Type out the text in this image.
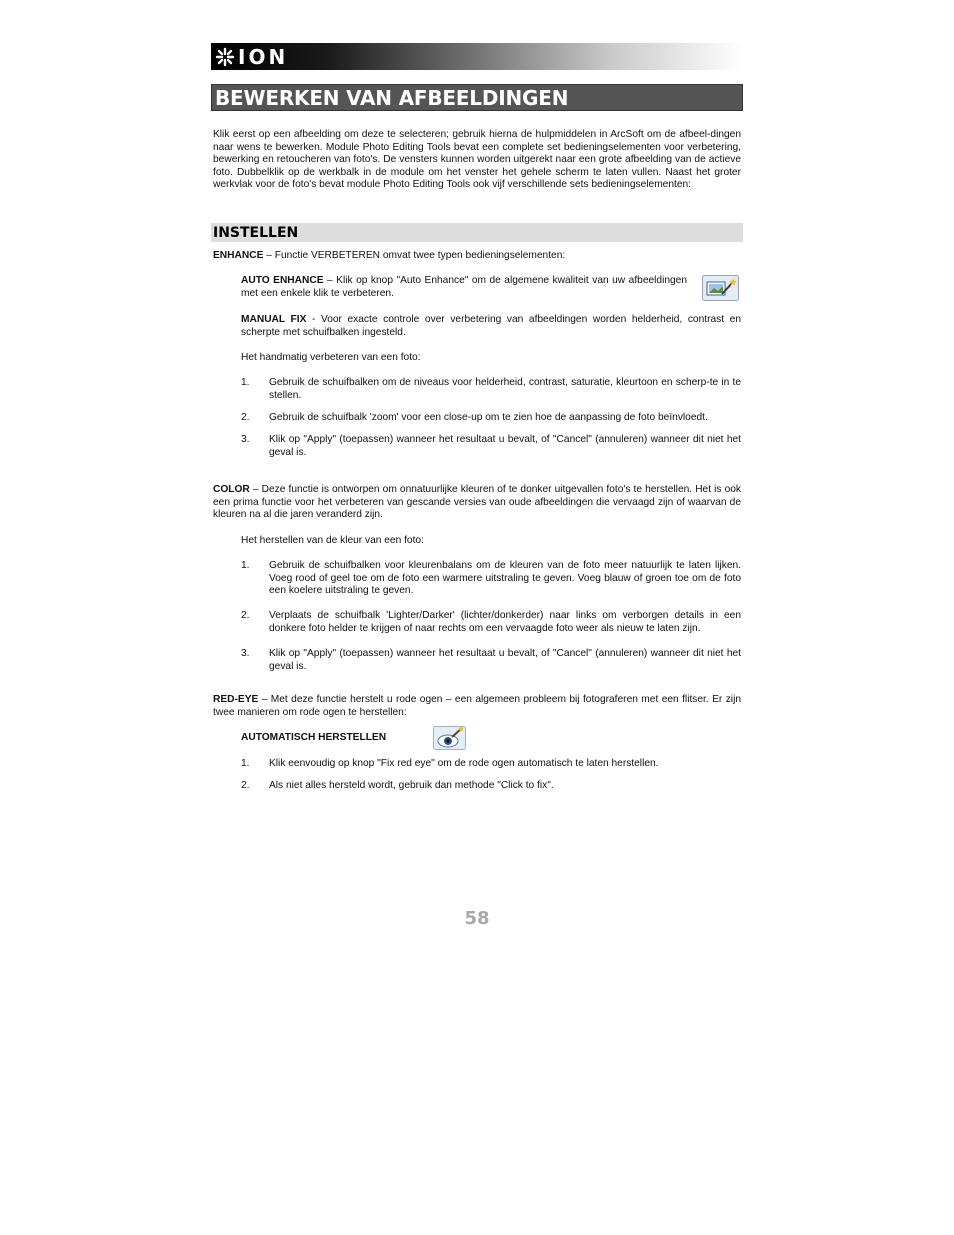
ION
BEWERKEN VAN AFBEELDINGEN
Klik eerst op een afbeelding om deze te selecteren; gebruik hierna de hulpmiddelen in ArcSoft om de afbeel-dingen naar wens te bewerken. Module Photo Editing Tools bevat een complete set bedieningselementen voor verbetering, bewerking en retoucheren van foto's. De vensters kunnen worden uitgerekt naar een grote afbeelding van de actieve foto. Dubbelklik op de werkbalk in de module om het venster het gehele scherm te laten vullen. Naast het groter werkvlak voor de foto's bevat module Photo Editing Tools ook vijf verschillende sets bedieningselementen:
INSTELLEN
ENHANCE – Functie VERBETEREN omvat twee typen bedieningselementen:
AUTO ENHANCE – Klik op knop "Auto Enhance" om de algemene kwaliteit van uw afbeeldingen met een enkele klik te verbeteren.
MANUAL FIX - Voor exacte controle over verbetering van afbeeldingen worden helderheid, contrast en scherpte met schuifbalken ingesteld.
Het handmatig verbeteren van een foto:
1. Gebruik de schuifbalken om de niveaus voor helderheid, contrast, saturatie, kleurtoon en scherp-te in te stellen.
2. Gebruik de schuifbalk 'zoom' voor een close-up om te zien hoe de aanpassing de foto beïnvloedt.
3. Klik op "Apply" (toepassen) wanneer het resultaat u bevalt, of "Cancel" (annuleren) wanneer dit niet het geval is.
COLOR – Deze functie is ontworpen om onnatuurlijke kleuren of te donker uitgevallen foto's te herstellen. Het is ook een prima functie voor het verbeteren van gescande versies van oude afbeeldingen die vervaagd zijn of waarvan de kleuren na al die jaren veranderd zijn.
Het herstellen van de kleur van een foto:
1. Gebruik de schuifbalken voor kleurenbalans om de kleuren van de foto meer natuurlijk te laten lijken. Voeg rood of geel toe om de foto een warmere uitstraling te geven. Voeg blauw of groen toe om de foto een koelere uitstraling te geven.
2. Verplaats de schuifbalk 'Lighter/Darker' (lichter/donkerder) naar links om verborgen details in een donkere foto helder te krijgen of naar rechts om een vervaagde foto weer als nieuw te laten zijn.
3. Klik op "Apply" (toepassen) wanneer het resultaat u bevalt, of "Cancel" (annuleren) wanneer dit niet het geval is.
RED-EYE – Met deze functie herstelt u rode ogen – een algemeen probleem bij fotograferen met een flitser. Er zijn twee manieren om rode ogen te herstellen:
AUTOMATISCH HERSTELLEN
1. Klik eenvoudig op knop "Fix red eye" om de rode ogen automatisch te laten herstellen.
2. Als niet alles hersteld wordt, gebruik dan methode "Click to fix".
58
